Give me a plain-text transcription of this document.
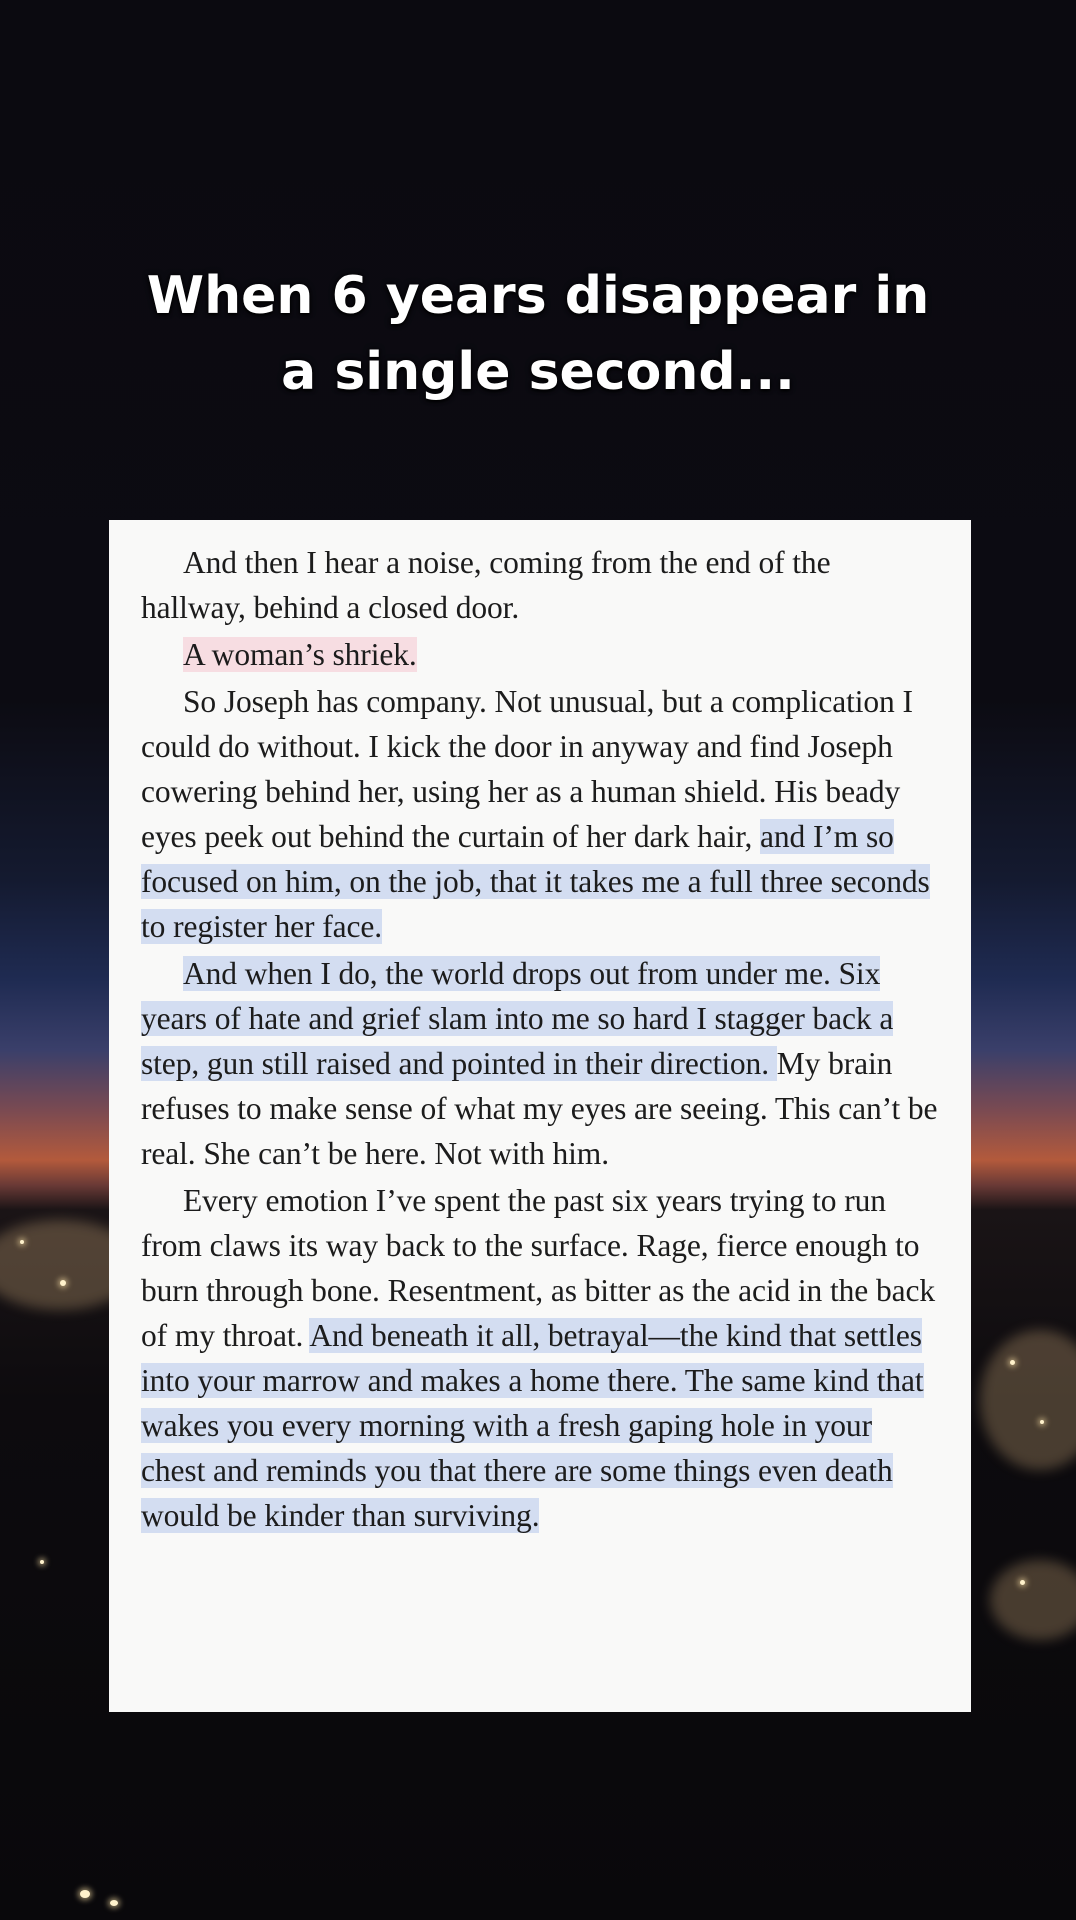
When 6 years disappear in
a single second...

And then I hear a noise, coming from the end of the hallway, behind a closed door.

A woman’s shriek.

So Joseph has company. Not unusual, but a complication I could do without. I kick the door in anyway and find Joseph cowering behind her, using her as a human shield. His beady eyes peek out behind the curtain of her dark hair, and I’m so focused on him, on the job, that it takes me a full three seconds to register her face.

And when I do, the world drops out from under me. Six years of hate and grief slam into me so hard I stagger back a step, gun still raised and pointed in their direction. My brain refuses to make sense of what my eyes are seeing. This can’t be real. She can’t be here. Not with him.

Every emotion I’ve spent the past six years trying to run from claws its way back to the surface. Rage, fierce enough to burn through bone. Resentment, as bitter as the acid in the back of my throat. And beneath it all, betrayal—the kind that settles into your marrow and makes a home there. The same kind that wakes you every morning with a fresh gaping hole in your chest and reminds you that there are some things even death would be kinder than surviving.
